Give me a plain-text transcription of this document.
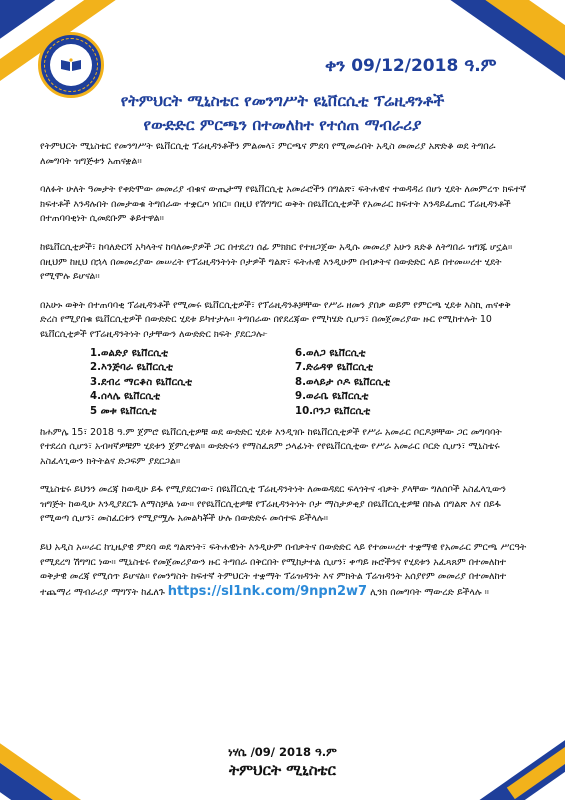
ቀን 09/12/2018 ዓ.ም
የትምህርት ሚኒስቴር የመንግሥት ዩኒቨርሲቲ ፕሬዚዳንቶች
የውድድር ምርጫን በተመለከተ የተሰጠ ማብራሪያ

የትምህርት ሚኒስቴር የመንግሥት ዩኒቨርሲቲ ፕሬዚዳንቶችን ምልመላ፣ ምርጫና ምደባ የሚመራበት አዲስ መመሪያ አጽድቆ ወደ ትግበራ ለመግባት ዝግጅቱን አጠናቋል።

ባለፉት ሁለት ዓመታት የቀድሞው መመሪያ ብቁና ውጤታማ የዩኒቨርሲቲ አመራሮችን በግልጽ፣ ፍትሐዊና ተወዳዳሪ በሆነ ሂደት ለመምረጥ ክፍተኛ ክፍተቶች እንዳሉበት በመታወቁ ትግበራው ተቋርጦ ነበር። በዚህ የሽግግር ወቅት በዩኒቨርሲቲዎች የአመራር ክፍተት እንዳይፈጠር ፕሬዚዳንቶች በተጠባባቂነት ሲመደቡም ቆይተዋል።

ከዩኒቨርሲቲዎች፣ ከባለድርሻ አካላትና ከባለሙያዎች ጋር በተደረገ ሰፊ ምክክር የተዘጋጀው አዲሱ መመሪያ አሁን ጸድቆ ለትግበራ ዝግጁ ሆኗል። በዚህም ከዚህ በኋላ በመመሪያው መሠረት የፕሬዚዳንትነት ቦታዎች ግልጽ፣ ፍትሐዊ እንዲሁም በብቃትና በውድድር ላይ በተመሠረተ ሂደት የሚሞሉ ይሆናል።

በአሁኑ ወቅት በተጠባባቂ ፕሬዚዳንቶች የሚመሩ ዩኒቨርሲቲዎች፣ የፕሬዚዳንቶቻቸው የሥራ ዘመን ያበቃ ወይም የምርጫ ሂደቱ እስኪ ጠናቀቅ ድረስ የሚያበቁ ዩኒቨርሲቲዎች በውድድር ሂደቱ ይካተታሉ። ትግበራው በየደረጃው የሚካሄድ ሲሆን፣ በመጀመሪያው ዙር የሚከተሉት 10 ዩኒቨርሲቲዎች የፕሬዚዳንትነት ቦታቸውን ለውድድር ክፍት ያደርጋሉ፦

1.ወልድያ ዩኒቨርሲቲ	6.ወለጋ ዩኒቨርሲቲ
2.እንጅባራ ዩኒቨርሲቲ	7.ድሬዳዋ ዩኒቨርሲቲ
3.ደብረ ማርቆስ ዩኒቨርሲቲ	8.ወላይታ ሶዶ ዩኒቨርሲቲ
4.ሰላሌ ዩኒቨርሲቲ	9.ወራቤ ዩኒቨርሲቲ
5 መቱ ዩኒቨርሲቲ	10.ቦንጋ ዩኒቨርሲቲ

ከሐምሌ 15፣ 2018 ዓ.ም ጀምሮ ዩኒቨርሲቲዎቹ ወደ ውድድር ሂደቱ እንዲገቡ ከዩኒቨርሲቲዎች የሥራ አመራር ቦርዶቻቸው ጋር መግባባት የተደረሰ ሲሆን፣ አብዛኛዎቹም ሂደቱን ጀምረዋል። ውድድሩን የማስፈጸም ኃላፊነት የየዩኒቨርሲቲው የሥራ አመራር ቦርድ ሲሆን፣ ሚኒስቴሩ አስፈላጊውን ክትትልና ድጋፍም ያደርጋል።

ሚኒስቴሩ ይህንን መረጃ ከወዲሁ ይፋ የሚያደርገው፣ በዩኒቨርሲቲ ፕሬዚዳንትነት ለመወዳደር ፍላጎትና ብቃት ያላቸው ግለሰቦች አስፈላጊውን ዝግጅት ከወዲሁ እንዲያደርጉ ለማስቻል ነው። የየዩኒቨርሲቲዎቹ የፕሬዚዳንትነት ቦታ ማስታዎቂያ በዩኒቨርሲቲዎቹ በኩል በግልጽ እና በይፋ የሚወጣ ሲሆን፣ መስፈርቱን የሚያሟሉ አመልካቾች ሁሉ በውድድሩ መሳተፍ ይችላሉ።

ይህ አዲስ አሠራር ከጊዜያዊ ምደባ ወደ ግልጽነት፣ ፍትሐዊነት እንዲሁም በብቃትና በውድድር ላይ የተመሠረተ ተቋማዊ የአመራር ምርጫ ሥርዓት የሚደረግ ሽግግር ነው። ሚኒስቴሩ የመጀመሪያውን ዙር ትግበራ በቅርበት የሚከታተል ሲሆን፣ ቀጣይ ዙሮችንና የሂደቱን አፈጻጸም በተመለከተ ወቅታዊ መረጃ የሚሰጥ ይሆናል። የመንግስት ከፍተኛ ትምህርት ተቋማት ፕሬዝዳንት እና ምክትል ፕሬዝዳንት አሰያየም መመሪያ በተመለከተ ተጨማሪ ማብራሪያ ማግኘት ከፈለጉ https://sl1nk.com/9npn2w7 ሊንክ በመግባት ማውረድ ይችላሉ ።

ነሃሴ /09/ 2018 ዓ.ም
ትምህርት ሚኒስቴር
